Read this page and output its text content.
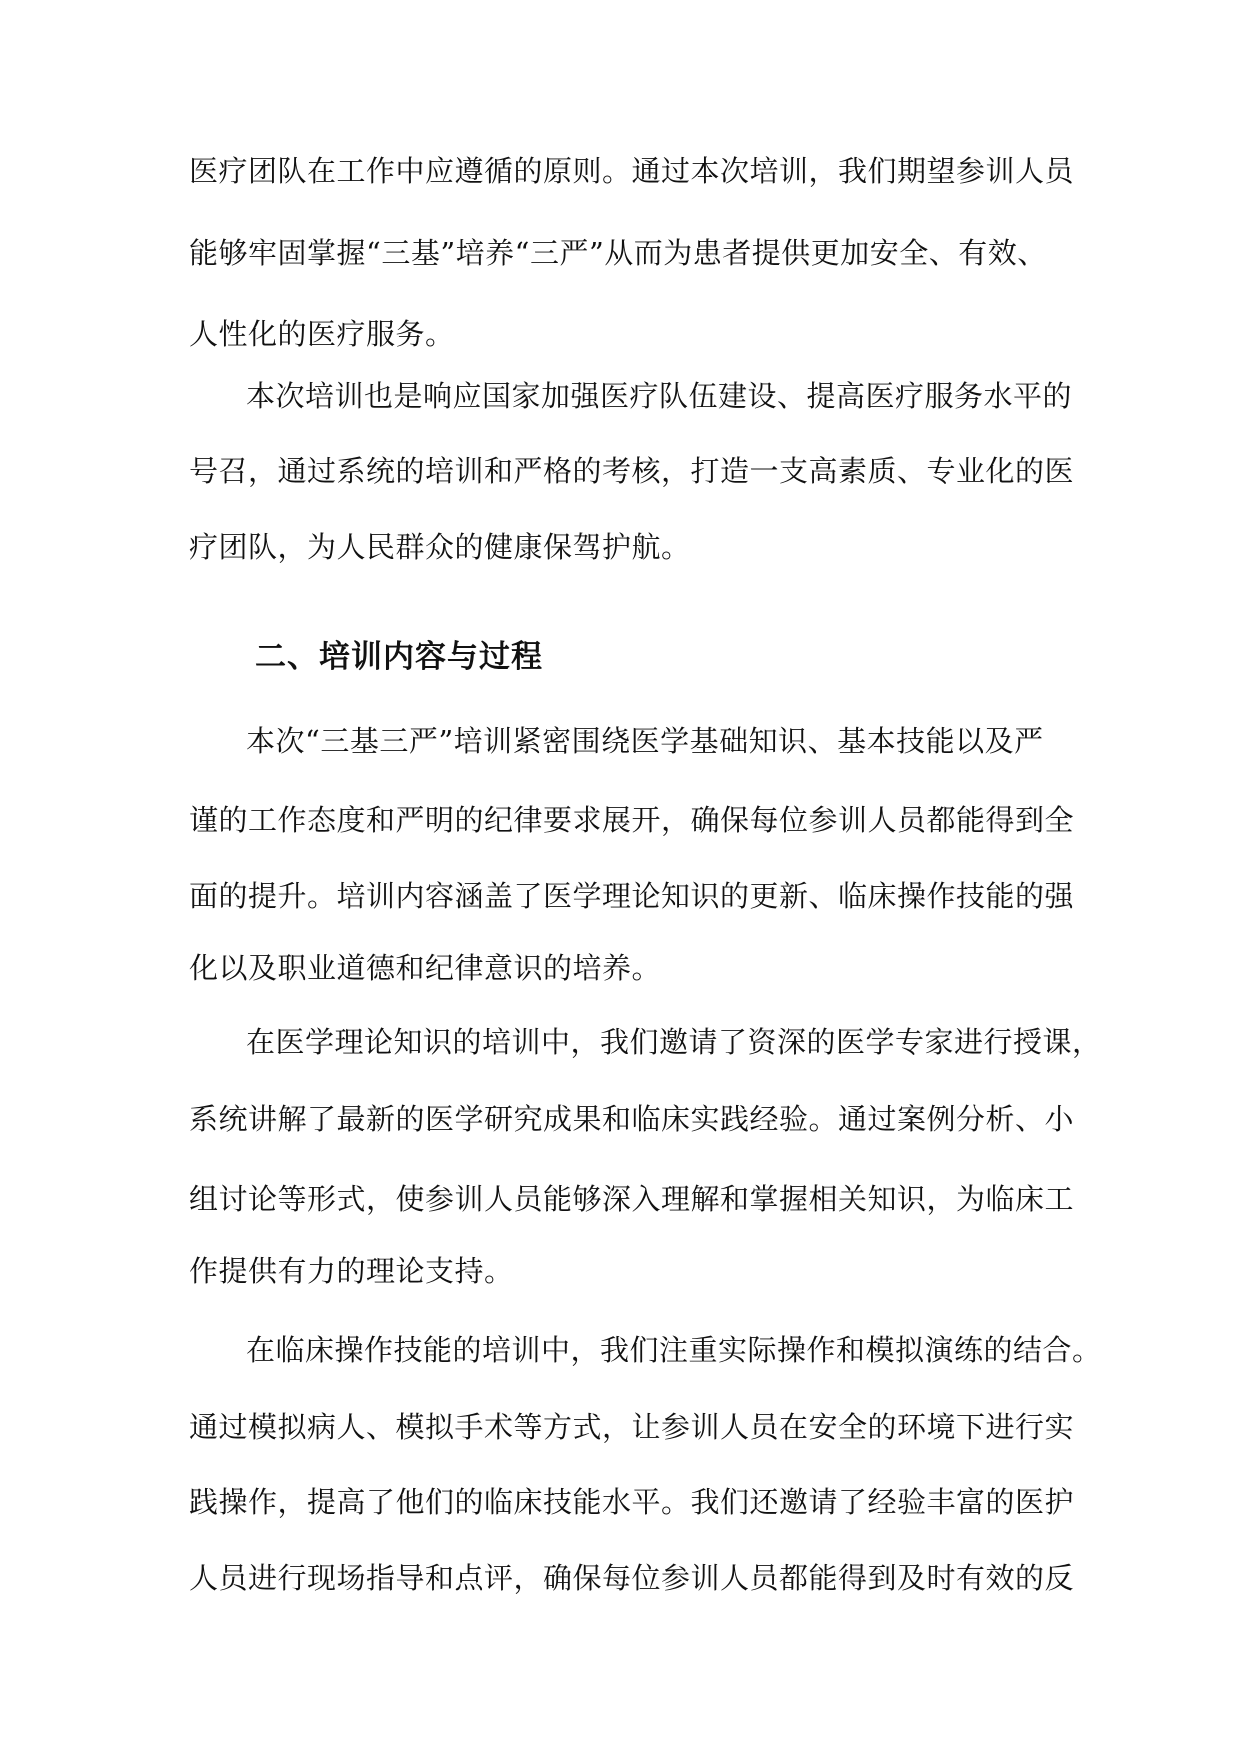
医疗团队在工作中应遵循的原则。通过本次培训，我们期望参训人员
能够牢固掌握“三基”培养“三严”从而为患者提供更加安全、有效、
人性化的医疗服务。
本次培训也是响应国家加强医疗队伍建设、提高医疗服务水平的
号召，通过系统的培训和严格的考核，打造一支高素质、专业化的医
疗团队，为人民群众的健康保驾护航。
二、培训内容与过程
本次“三基三严”培训紧密围绕医学基础知识、基本技能以及严
谨的工作态度和严明的纪律要求展开，确保每位参训人员都能得到全
面的提升。培训内容涵盖了医学理论知识的更新、临床操作技能的强
化以及职业道德和纪律意识的培养。
在医学理论知识的培训中，我们邀请了资深的医学专家进行授课，
系统讲解了最新的医学研究成果和临床实践经验。通过案例分析、小
组讨论等形式，使参训人员能够深入理解和掌握相关知识，为临床工
作提供有力的理论支持。
在临床操作技能的培训中，我们注重实际操作和模拟演练的结合。
通过模拟病人、模拟手术等方式，让参训人员在安全的环境下进行实
践操作，提高了他们的临床技能水平。我们还邀请了经验丰富的医护
人员进行现场指导和点评，确保每位参训人员都能得到及时有效的反
